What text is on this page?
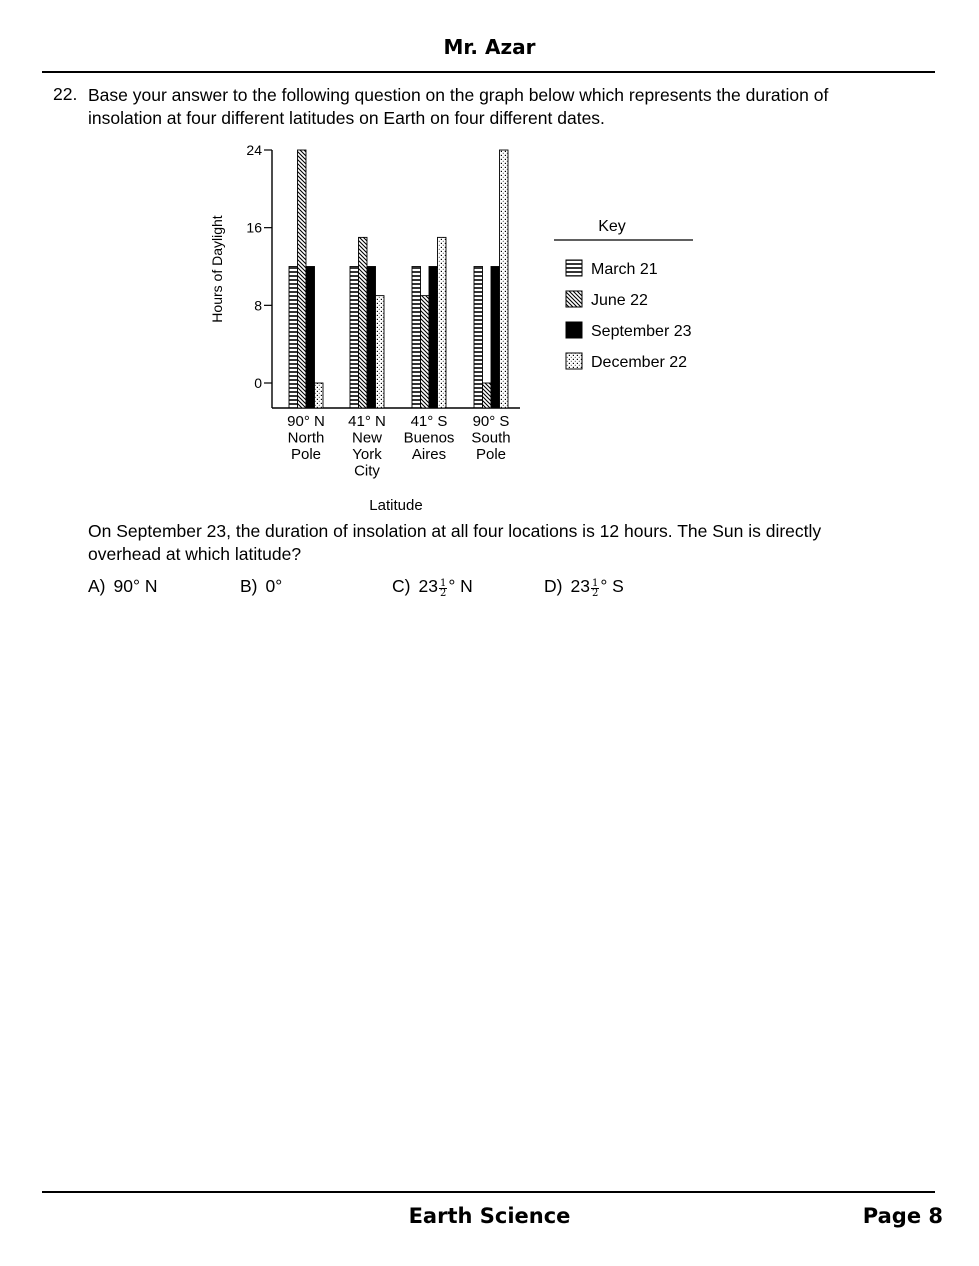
Mr. Azar
22. Base your answer to the following question on the graph below which represents the duration of insolation at four different latitudes on Earth on four different dates.
0
8
16
24
Hours of Daylight
90° N
North
Pole
41° N
New
York
City
41° S
Buenos
Aires
90° S
South
Pole
Latitude
Key
March 21
June 22
September 23
December 22
On September 23, the duration of insolation at all four locations is 12 hours. The Sun is directly overhead at which latitude?
A) 90° N	B) 0°	C) $23 \frac{1}{2}$ ° N	D) $23 \frac{1}{2}$ ° S
Earth Science	Page 8
